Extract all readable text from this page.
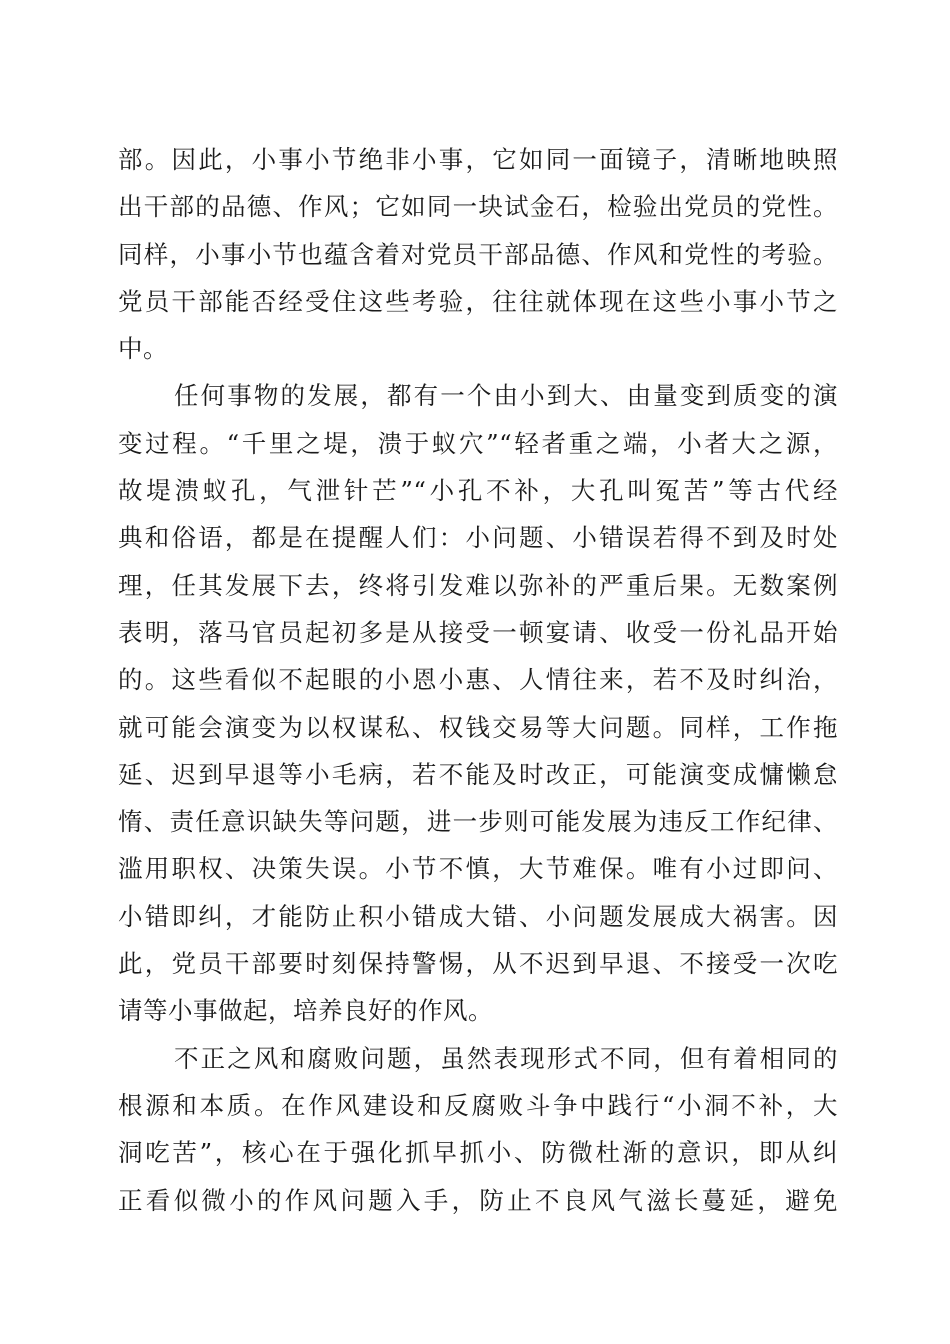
部。因此，小事小节绝非小事，它如同一面镜子，清晰地映照
出干部的品德、作风；它如同一块试金石，检验出党员的党性。
同样，小事小节也蕴含着对党员干部品德、作风和党性的考验。
党员干部能否经受住这些考验，往往就体现在这些小事小节之
中。
任何事物的发展，都有一个由小到大、由量变到质变的演
变过程。“千里之堤，溃于蚁穴”“轻者重之端，小者大之源，
故堤溃蚁孔，气泄针芒”“小孔不补，大孔叫冤苦”等古代经
典和俗语，都是在提醒人们：小问题、小错误若得不到及时处
理，任其发展下去，终将引发难以弥补的严重后果。无数案例
表明，落马官员起初多是从接受一顿宴请、收受一份礼品开始
的。这些看似不起眼的小恩小惠、人情往来，若不及时纠治，
就可能会演变为以权谋私、权钱交易等大问题。同样，工作拖
延、迟到早退等小毛病，若不能及时改正，可能演变成慵懒怠
惰、责任意识缺失等问题，进一步则可能发展为违反工作纪律、
滥用职权、决策失误。小节不慎，大节难保。唯有小过即问、
小错即纠，才能防止积小错成大错、小问题发展成大祸害。因
此，党员干部要时刻保持警惕，从不迟到早退、不接受一次吃
请等小事做起，培养良好的作风。
不正之风和腐败问题，虽然表现形式不同，但有着相同的
根源和本质。在作风建设和反腐败斗争中践行“小洞不补，大
洞吃苦”，核心在于强化抓早抓小、防微杜渐的意识，即从纠
正看似微小的作风问题入手，防止不良风气滋长蔓延，避免
